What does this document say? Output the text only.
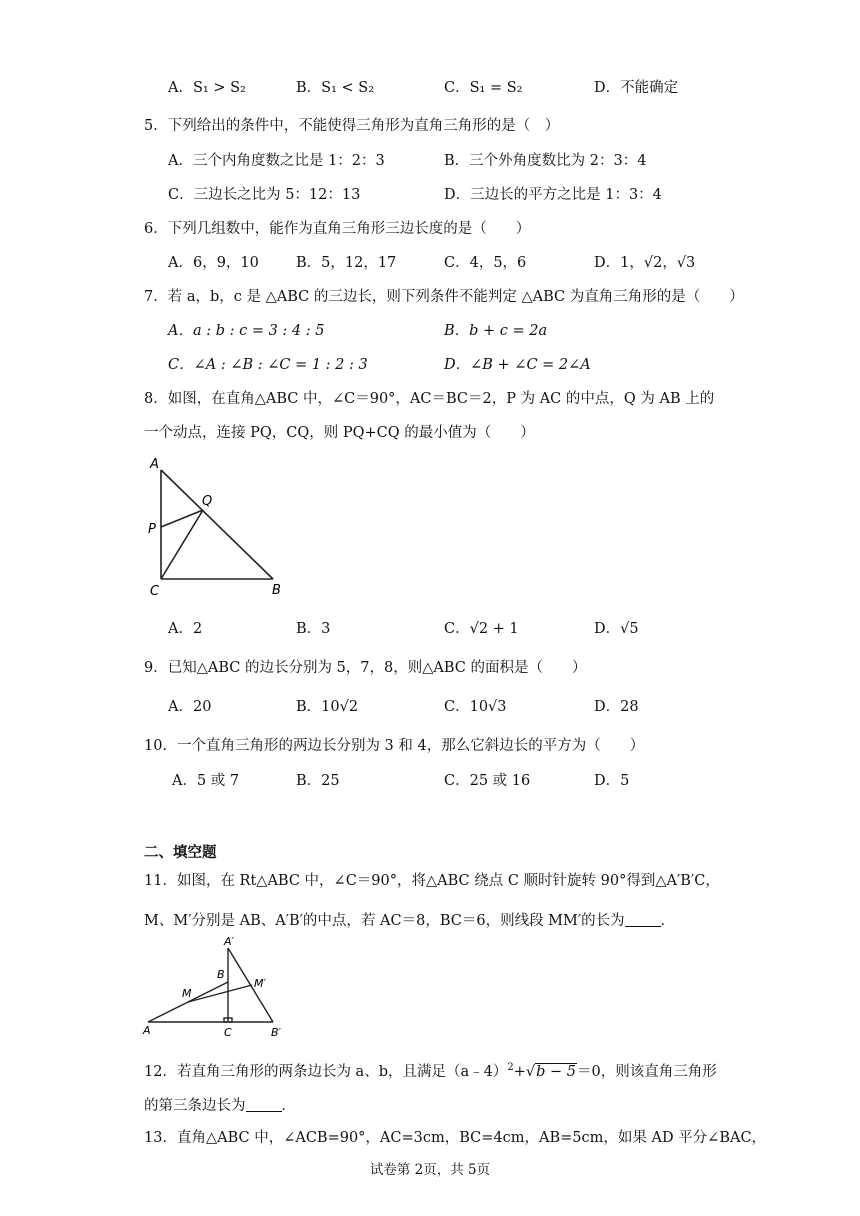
A．S₁ > S₂	B．S₁ < S₂	C．S₁ = S₂	D．不能确定
5．下列给出的条件中，不能使得三角形为直角三角形的是（　）
A．三个内角度数之比是 1：2：3	B．三个外角度数比为 2：3：4
C．三边长之比为 5：12：13	D．三边长的平方之比是 1：3：4
6．下列几组数中，能作为直角三角形三边长度的是（　　）
A．6，9，10	B．5，12，17	C．4，5，6	D．1，√2，√3
7．若 a，b，c 是 △ABC 的三边长，则下列条件不能判定 △ABC 为直角三角形的是（　　）
A．a : b : c = 3 : 4 : 5	B．b + c = 2a
C．∠A : ∠B : ∠C = 1 : 2 : 3	D．∠B + ∠C = 2∠A
8．如图，在直角△ABC 中，∠C＝90°，AC＝BC＝2，P 为 AC 的中点，Q 为 AB 上的
一个动点，连接 PQ，CQ，则 PQ+CQ 的最小值为（　　）
A
Q
P
C	B
A．2	B．3	C．√2 + 1	D．√5
9．已知△ABC 的边长分别为 5，7，8，则△ABC 的面积是（　　）
A．20	B．10√2	C．10√3	D．28
10．一个直角三角形的两边长分别为 3 和 4，那么它斜边长的平方为（　　）
A．5 或 7	B．25	C．25 或 16	D．5
二、填空题
11．如图，在 Rt△ABC 中，∠C＝90°，将△ABC 绕点 C 顺时针旋转 90°得到△A′B′C，
M、M′分别是 AB、A′B′的中点，若 AC＝8，BC＝6，则线段 MM′的长为 ．
A′
B
M′
M
A	C	B′
12．若直角三角形的两条边长为 a、b，且满足（a﹣4）$^2$+√b − 5＝0，则该直角三角形
的第三条边长为 ．
13．直角△ABC 中，∠ACB=90°，AC=3cm，BC=4cm，AB=5cm，如果 AD 平分∠BAC，
试卷第 2页，共 5页
